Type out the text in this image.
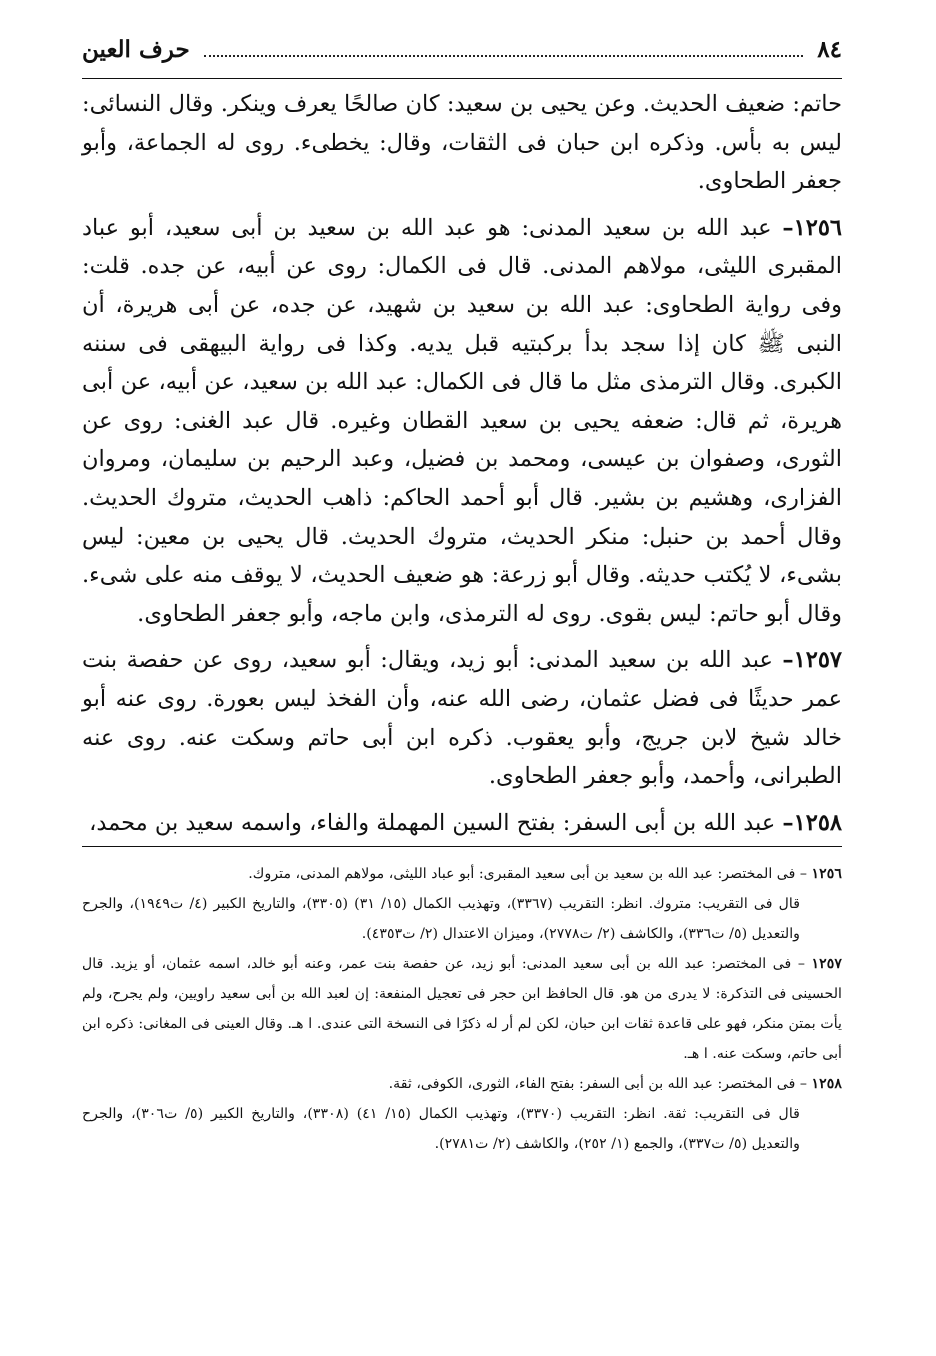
٨٤
حرف العين

حاتم: ضعيف الحديث. وعن يحيى بن سعيد: كان صالحًا يعرف وينكر. وقال النسائى: ليس به بأس. وذكره ابن حبان فى الثقات، وقال: يخطىء. روى له الجماعة، وأبو جعفر الطحاوى.

١٢٥٦– عبد الله بن سعيد المدنى: هو عبد الله بن سعيد بن أبى سعيد، أبو عباد المقبرى الليثى، مولاهم المدنى. قال فى الكمال: روى عن أبيه، عن جده. قلت: وفى رواية الطحاوى: عبد الله بن سعيد بن شهيد، عن جده، عن أبى هريرة، أن النبى ﷺ كان إذا سجد بدأ بركبتيه قبل يديه. وكذا فى رواية البيهقى فى سننه الكبرى. وقال الترمذى مثل ما قال فى الكمال: عبد الله بن سعيد، عن أبيه، عن أبى هريرة، ثم قال: ضعفه يحيى بن سعيد القطان وغيره. قال عبد الغنى: روى عن الثورى، وصفوان بن عيسى، ومحمد بن فضيل، وعبد الرحيم بن سليمان، ومروان الفزارى، وهشيم بن بشير. قال أبو أحمد الحاكم: ذاهب الحديث، متروك الحديث. وقال أحمد بن حنبل: منكر الحديث، متروك الحديث. قال يحيى بن معين: ليس بشىء، لا يُكتب حديثه. وقال أبو زرعة: هو ضعيف الحديث، لا يوقف منه على شىء. وقال أبو حاتم: ليس بقوى. روى له الترمذى، وابن ماجه، وأبو جعفر الطحاوى.

١٢٥٧– عبد الله بن سعيد المدنى: أبو زيد، ويقال: أبو سعيد، روى عن حفصة بنت عمر حديثًا فى فضل عثمان، رضى الله عنه، وأن الفخذ ليس بعورة. روى عنه أبو خالد شيخ لابن جريج، وأبو يعقوب. ذكره ابن أبى حاتم وسكت عنه. روى عنه الطبرانى، وأحمد، وأبو جعفر الطحاوى.

١٢٥٨– عبد الله بن أبى السفر: بفتح السين المهملة والفاء، واسمه سعيد بن محمد،

١٢٥٦ – فى المختصر: عبد الله بن سعيد بن أبى سعيد المقبرى: أبو عباد الليثى، مولاهم المدنى، متروك.
قال فى التقريب: متروك. انظر: التقريب (٣٣٦٧)، وتهذيب الكمال (١٥/ ٣١) (٣٣٠٥)، والتاريخ الكبير (٤/ ت١٩٤٩)، والجرح والتعديل (٥/ ت٣٣٦)، والكاشف (٢/ ت٢٧٧٨)، وميزان الاعتدال (٢/ ت٤٣٥٣).

١٢٥٧ – فى المختصر: عبد الله بن أبى سعيد المدنى: أبو زيد، عن حفصة بنت عمر، وعنه أبو خالد، اسمه عثمان، أو يزيد. قال الحسينى فى التذكرة: لا يدرى من هو. قال الحافظ ابن حجر فى تعجيل المنفعة: إن لعبد الله بن أبى سعيد راويين، ولم يجرح، ولم يأت بمتن منكر، فهو على قاعدة ثقات ابن حبان، لكن لم أر له ذكرًا فى النسخة التى عندى. ا هـ. وقال العينى فى المغانى: ذكره ابن أبى حاتم، وسكت عنه. ا هـ.

١٢٥٨ – فى المختصر: عبد الله بن أبى السفر: بفتح الفاء، الثورى، الكوفى، ثقة.
قال فى التقريب: ثقة. انظر: التقريب (٣٣٧٠)، وتهذيب الكمال (١٥/ ٤١) (٣٣٠٨)، والتاريخ الكبير (٥/ ت٣٠٦)، والجرح والتعديل (٥/ ت٣٣٧)، والجمع (١/ ٢٥٢)، والكاشف (٢/ ت٢٧٨١).
